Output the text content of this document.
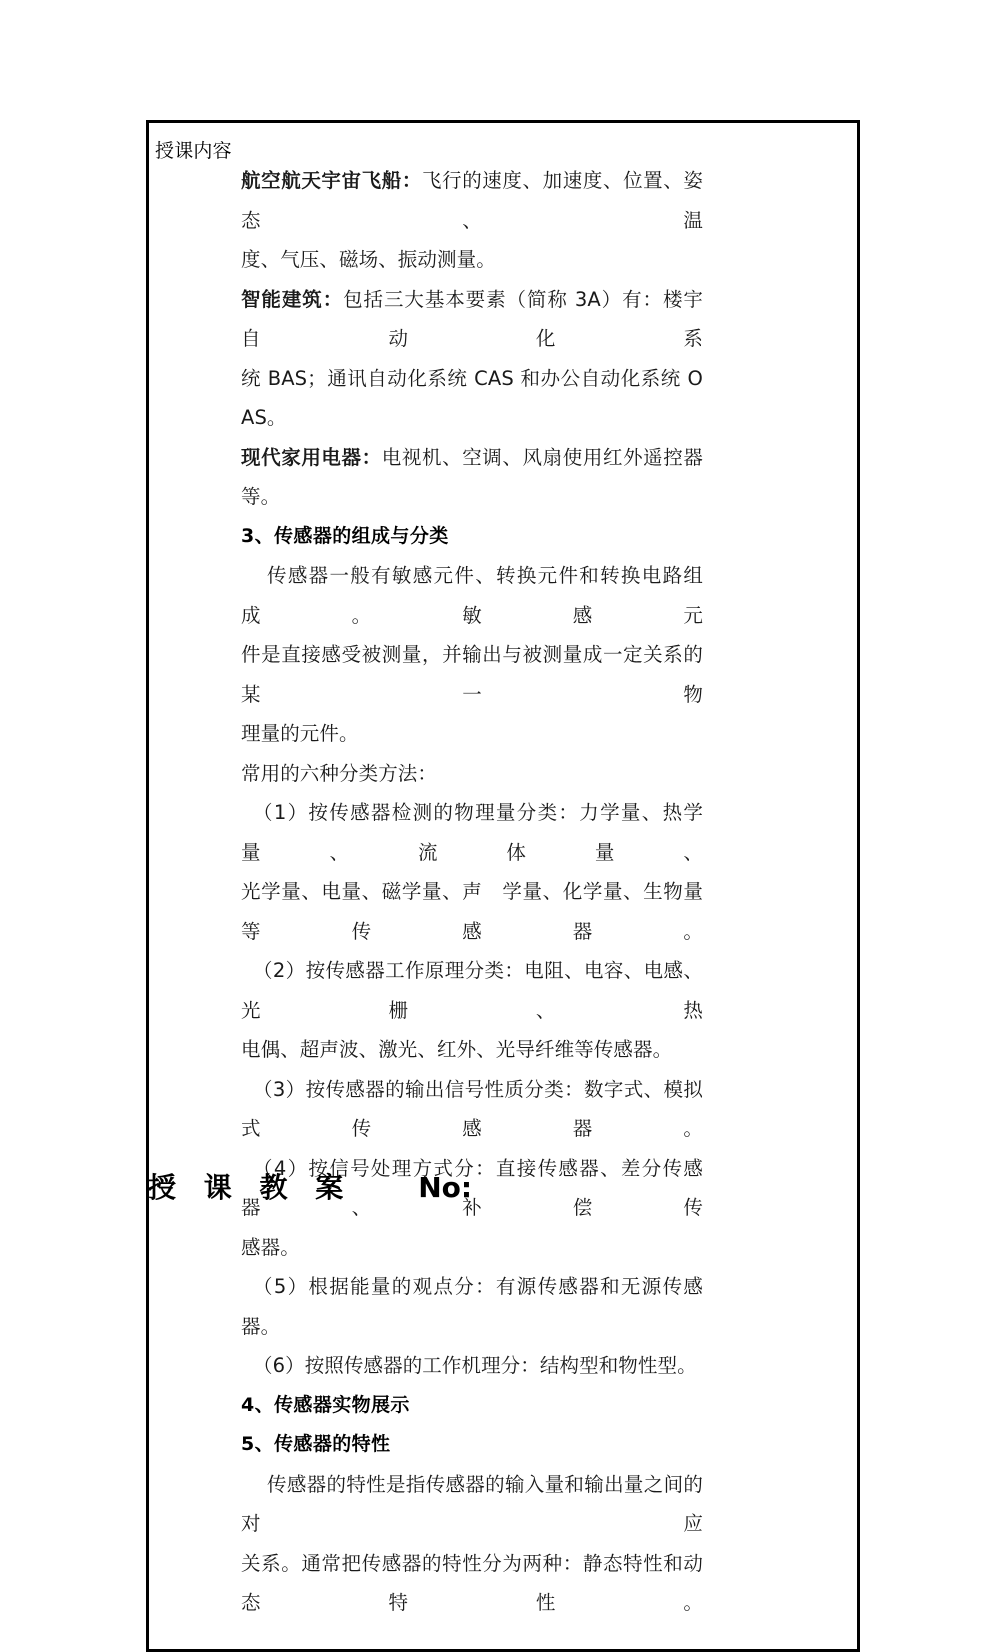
授课内容

航空航天宇宙飞船：飞行的速度、加速度、位置、姿态、温

度、气压、磁场、振动测量。

智能建筑：包括三大基本要素（简称 3A）有：楼宇自动化系

统 BAS；通讯自动化系统 CAS 和办公自动化系统 OAS。

现代家用电器：电视机、空调、风扇使用红外遥控器等。

3、传感器的组成与分类

传感器一般有敏感元件、转换元件和转换电路组成。敏感元

件是直接感受被测量，并输出与被测量成一定关系的某一物

理量的元件。

常用的六种分类方法：

（1）按传感器检测的物理量分类：力学量、热学量、流体量、

光学量、电量、磁学量、声　学量、化学量、生物量等传感器。

（2）按传感器工作原理分类：电阻、电容、电感、光栅、热

电偶、超声波、激光、红外、光导纤维等传感器。

（3）按传感器的输出信号性质分类：数字式、模拟式传感器。

（4）按信号处理方式分：直接传感器、差分传感器、补偿传

感器。

（5）根据能量的观点分：有源传感器和无源传感器。

（6）按照传感器的工作机理分：结构型和物性型。

4、传感器实物展示

5、传感器的特性

传感器的特性是指传感器的输入量和输出量之间的对应

关系。通常把传感器的特性分为两种：静态特性和动态特性。

授 课 教 案 No:
